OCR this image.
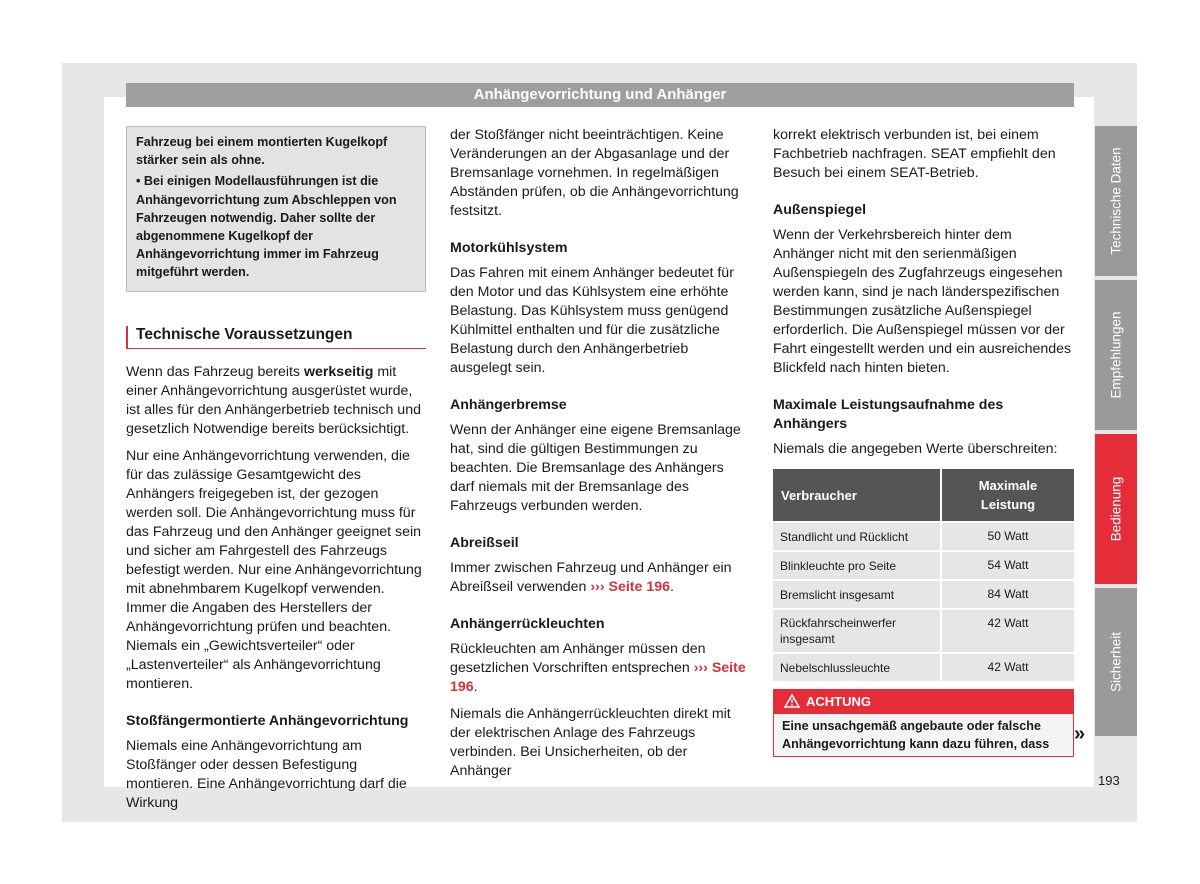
Anhängevorrichtung und Anhänger

Fahrzeug bei einem montierten Kugelkopf stärker sein als ohne.

• Bei einigen Modellausführungen ist die Anhängevorrichtung zum Abschleppen von Fahrzeugen notwendig. Daher sollte der abgenommene Kugelkopf der Anhängevorrichtung immer im Fahrzeug mitgeführt werden.

Technische Voraussetzungen

Wenn das Fahrzeug bereits werkseitig mit einer Anhängevorrichtung ausgerüstet wurde, ist alles für den Anhängerbetrieb technisch und gesetzlich Notwendige bereits berücksichtigt.

Nur eine Anhängevorrichtung verwenden, die für das zulässige Gesamtgewicht des Anhängers freigegeben ist, der gezogen werden soll. Die Anhängevorrichtung muss für das Fahrzeug und den Anhänger geeignet sein und sicher am Fahrgestell des Fahrzeugs befestigt werden. Nur eine Anhängevorrichtung mit abnehmbarem Kugelkopf verwenden. Immer die Angaben des Herstellers der Anhängevorrichtung prüfen und beachten. Niemals ein „Gewichtsverteiler“ oder „Lastenverteiler“ als Anhängevorrichtung montieren.

Stoßfängermontierte Anhängevorrichtung

Niemals eine Anhängevorrichtung am Stoßfänger oder dessen Befestigung montieren. Eine Anhängevorrichtung darf die Wirkung

der Stoßfänger nicht beeinträchtigen. Keine Veränderungen an der Abgasanlage und der Bremsanlage vornehmen. In regelmäßigen Abständen prüfen, ob die Anhängevorrichtung festsitzt.

Motorkühlsystem

Das Fahren mit einem Anhänger bedeutet für den Motor und das Kühlsystem eine erhöhte Belastung. Das Kühlsystem muss genügend Kühlmittel enthalten und für die zusätzliche Belastung durch den Anhängerbetrieb ausgelegt sein.

Anhängerbremse

Wenn der Anhänger eine eigene Bremsanlage hat, sind die gültigen Bestimmungen zu beachten. Die Bremsanlage des Anhängers darf niemals mit der Bremsanlage des Fahrzeugs verbunden werden.

Abreißseil

Immer zwischen Fahrzeug und Anhänger ein Abreißseil verwenden ››› Seite 196.

Anhängerrückleuchten

Rückleuchten am Anhänger müssen den gesetzlichen Vorschriften entsprechen ››› Seite 196.

Niemals die Anhängerrückleuchten direkt mit der elektrischen Anlage des Fahrzeugs verbinden. Bei Unsicherheiten, ob der Anhänger

korrekt elektrisch verbunden ist, bei einem Fachbetrieb nachfragen. SEAT empfiehlt den Besuch bei einem SEAT-Betrieb.

Außenspiegel

Wenn der Verkehrsbereich hinter dem Anhänger nicht mit den serienmäßigen Außenspiegeln des Zugfahrzeugs eingesehen werden kann, sind je nach länderspezifischen Bestimmungen zusätzliche Außenspiegel erforderlich. Die Außenspiegel müssen vor der Fahrt eingestellt werden und ein ausreichendes Blickfeld nach hinten bieten.

Maximale Leistungsaufnahme des Anhängers

Niemals die angegeben Werte überschreiten:

Verbraucher	Maximale Leistung
Standlicht und Rücklicht	50 Watt
Blinkleuchte pro Seite	54 Watt
Bremslicht insgesamt	84 Watt
Rückfahrscheinwerfer insgesamt	42 Watt
Nebelschlussleuchte	42 Watt
ACHTUNG
Eine unsachgemäß angebaute oder falsche Anhängevorrichtung kann dazu führen, dass	»
Technische Daten
Empfehlungen
Bedienung
Sicherheit
193
